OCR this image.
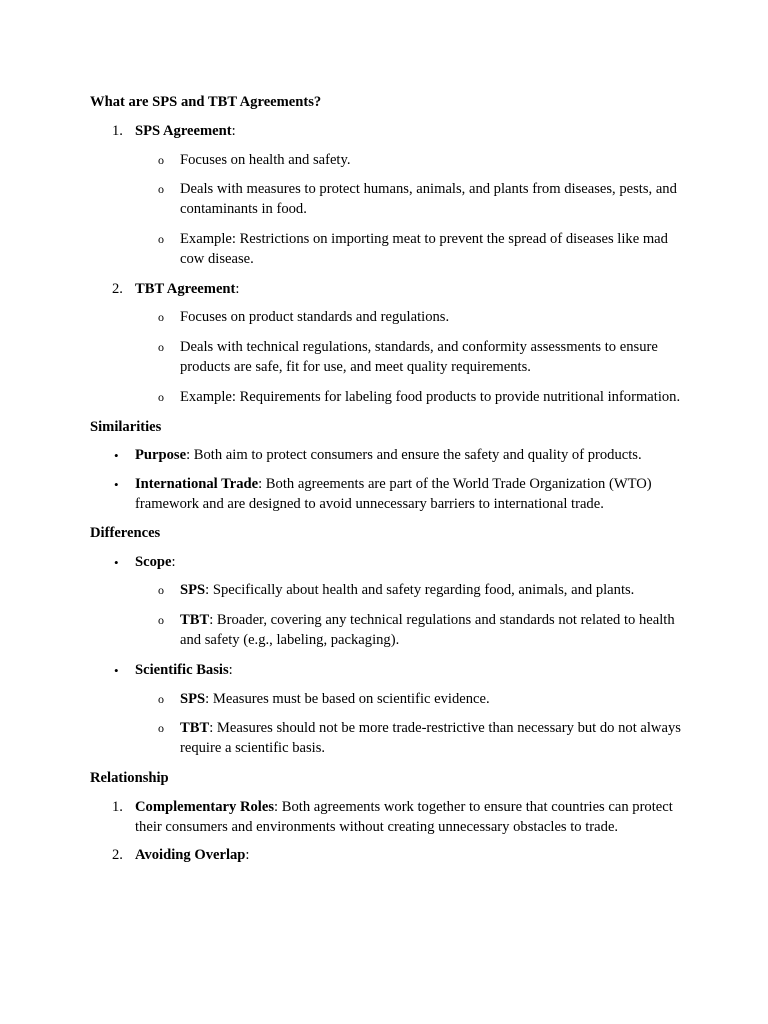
What are SPS and TBT Agreements?
1. SPS Agreement:
o Focuses on health and safety.
o Deals with measures to protect humans, animals, and plants from diseases, pests, and contaminants in food.
o Example: Restrictions on importing meat to prevent the spread of diseases like mad cow disease.
2. TBT Agreement:
o Focuses on product standards and regulations.
o Deals with technical regulations, standards, and conformity assessments to ensure products are safe, fit for use, and meet quality requirements.
o Example: Requirements for labeling food products to provide nutritional information.
Similarities
• Purpose: Both aim to protect consumers and ensure the safety and quality of products.
• International Trade: Both agreements are part of the World Trade Organization (WTO) framework and are designed to avoid unnecessary barriers to international trade.
Differences
• Scope:
o SPS: Specifically about health and safety regarding food, animals, and plants.
o TBT: Broader, covering any technical regulations and standards not related to health and safety (e.g., labeling, packaging).
• Scientific Basis:
o SPS: Measures must be based on scientific evidence.
o TBT: Measures should not be more trade-restrictive than necessary but do not always require a scientific basis.
Relationship
1. Complementary Roles: Both agreements work together to ensure that countries can protect their consumers and environments without creating unnecessary obstacles to trade.
2. Avoiding Overlap:
